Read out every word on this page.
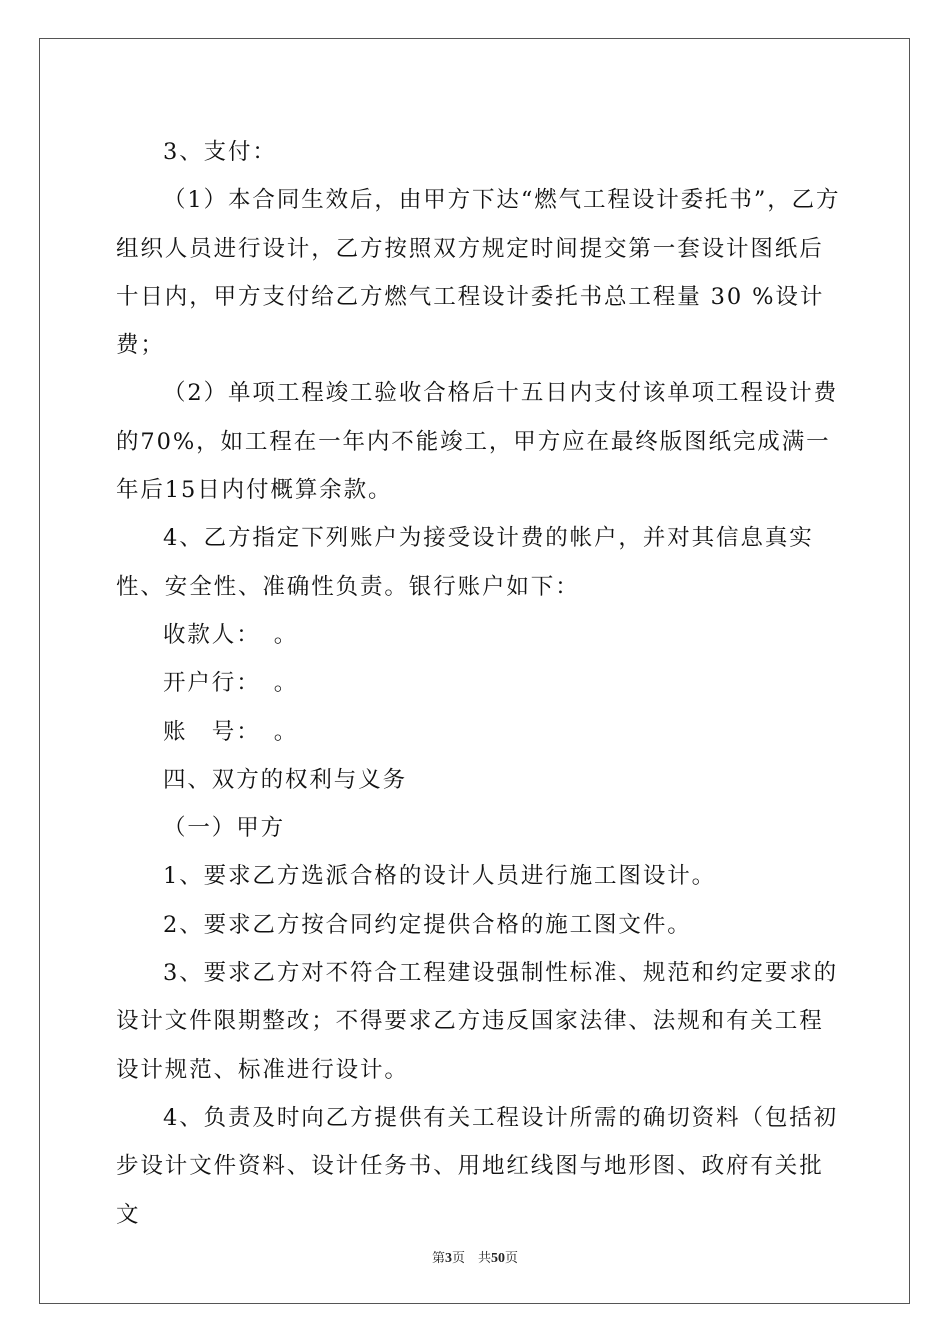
3、支付：

（1）本合同生效后，由甲方下达“燃气工程设计委托书”，乙方组织人员进行设计，乙方按照双方规定时间提交第一套设计图纸后十日内，甲方支付给乙方燃气工程设计委托书总工程量 30 %设计费；

（2）单项工程竣工验收合格后十五日内支付该单项工程设计费的70%，如工程在一年内不能竣工，甲方应在最终版图纸完成满一年后15日内付概算余款。

4、乙方指定下列账户为接受设计费的帐户，并对其信息真实性、安全性、准确性负责。银行账户如下：

收款人：　。

开户行：　。

账　号：　。

四、双方的权利与义务

（一）甲方

1、要求乙方选派合格的设计人员进行施工图设计。

2、要求乙方按合同约定提供合格的施工图文件。

3、要求乙方对不符合工程建设强制性标准、规范和约定要求的设计文件限期整改；不得要求乙方违反国家法律、法规和有关工程设计规范、标准进行设计。

4、负责及时向乙方提供有关工程设计所需的确切资料（包括初步设计文件资料、设计任务书、用地红线图与地形图、政府有关批文

第3页　共50页
